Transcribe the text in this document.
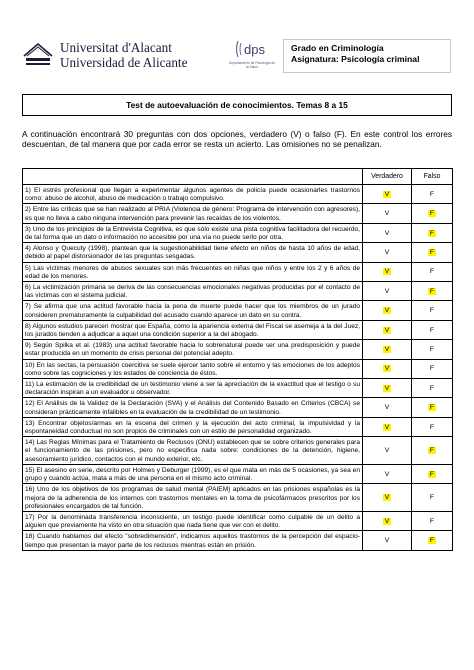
Universitat d'Alacant
Universidad de Alicante
dps
Departamento de Psicología de la Salud
Grado en Criminología
Asignatura: Psicología criminal
Test de autoevaluación de conocimientos. Temas 8 a 15
A continuación encontrará 30 preguntas con dos opciones, verdadero (V) o falso (F). En este control los errores descuentan, de tal manera que por cada error se resta un acierto. Las omisiones no se penalizan.
	Verdadero	Falso
1) El estrés profesional que llegan a experimentar algunos agentes de policía puede ocasionarles trastornos como: abuso de alcohol, abuso de medicación o trabajo compulsivo.	V	F
2) Entre las críticas que se han realizado al PRIA (Violencia de género: Programa de intervención con agresores), es que no lleva a cabo ninguna intervención para prevenir las recaídas de los violentos.	V	F
3) Uno de los principios de la Entrevista Cognitiva, es que sólo existe una pista cognitiva facilitadora del recuerdo, de tal forma que un dato o información no accesible por una vía no puede serlo por otra.	V	F
4) Alonso y Quecuty (1998), plantean que la sugestionabilidad tiene efecto en niños de hasta 10 años de edad, debido al papel distorsionador de las preguntas sesgadas.	V	F
5) Las víctimas menores de abusos sexuales son más frecuentes en niñas que niños y entre los 2 y 6 años de edad de los menores.	V	F
6) La victimización primaria se deriva de las consecuencias emocionales negativas producidas por el contacto de las víctimas con el sistema judicial.	V	F
7) Se afirma que una actitud favorable hacia la pena de muerte puede hacer que los miembros de un jurado consideren prematuramente la culpabilidad del acusado cuando aparece un dato en su contra.	V	F
8) Algunos estudios parecen mostrar que España, como la apariencia externa del Fiscal se asemeja a la del Juez, los jurados tienden a adjudicar a aquel una condición superior a la del abogado.	V	F
9) Según Spilka et al. (1983) una actitud favorable hacia lo sobrenatural puede ser una predisposición y puede estar producida en un momento de crisis personal del potencial adepto.	V	F
10) En las sectas, la persuasión coercitiva se suele ejercer tanto sobre el entorno y las emociones de los adeptos como sobre las cogniciones y los estados de conciencia de éstos.	V	F
11) La estimación de la credibilidad de un testimonio viene a ser la apreciación de la exactitud que el testigo o su declaración inspiran a un evaluador u observador.	V	F
12) El Análisis de la Validez de la Declaración (SVA) y el Análisis del Contenido Basado en Criterios (CBCA) se consideran prácticamente infalibles en la evaluación de la credibilidad de un testimonio.	V	F
13) Encontrar objetos/armas en la escena del crimen y la ejecución del acto criminal, la impulsividad y la espontaneidad conductual no son propios de criminales con un estilo de personalidad organizado.	V	F
14) Las Reglas Mínimas para el Tratamiento de Reclusos (ONU) establecen que se sobre criterios generales para el funcionamiento de las prisiones, pero no especifica nada sobre: condiciones de la detención, higiene, asesoramiento jurídico, contactos con el mundo exterior, etc.	V	F
15) El asesino en serie, descrito por Holmes y Deburger (1999), es el que mata en más de 5 ocasiones, ya sea en grupo y cuando actúa, mata a más de una persona en el mismo acto criminal.	V	F
16) Uno de los objetivos de los programas de salud mental (PAIEM) aplicados en las prisiones españolas es la mejora de la adherencia de los internos con trastornos mentales en la toma de psicofármacos prescritos por los profesionales encargados de tal función.	V	F
17) Por la denominada transferencia inconsciente, un testigo puede identificar como culpable de un delito a alguien que previamente ha visto en otra situación que nada tiene que ver con el delito.	V	F
18) Cuando hablamos del efecto "sobredimensión", indicamos aquellos trastornos de la percepción del espacio-tiempo que presentan la mayor parte de los reclusos mientras están en prisión.	V	F
